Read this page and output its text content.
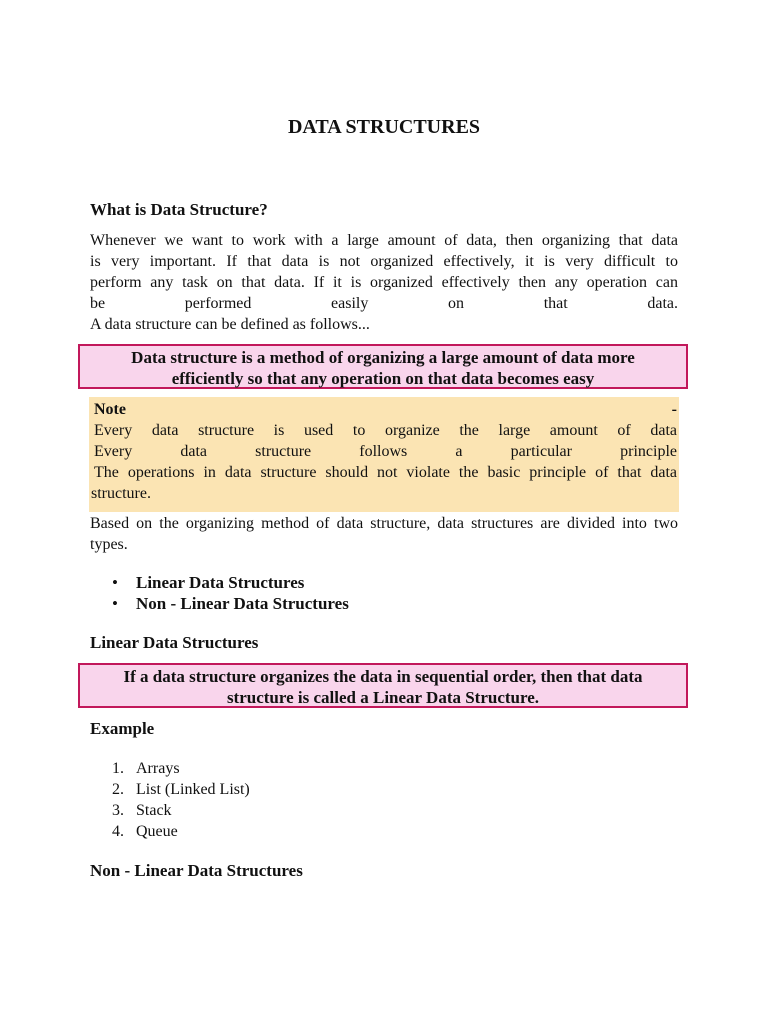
DATA STRUCTURES
What is Data Structure?
Whenever we want to work with a large amount of data, then organizing that data
is very important. If that data is not organized effectively, it is very difficult to
perform any task on that data. If it is organized effectively then any operation can
be performed easily on that data.
A data structure can be defined as follows...
Data structure is a method of organizing a large amount of data more
efficiently so that any operation on that data becomes easy
Note	-
Every data structure is used to organize the large amount of data
Every data structure follows a particular principle
The operations in data structure should not violate the basic principle of that data
structure.
Based on the organizing method of data structure, data structures are divided into two types.
• Linear Data Structures
• Non - Linear Data Structures
Linear Data Structures
If a data structure organizes the data in sequential order, then that data
structure is called a Linear Data Structure.
Example
1. Arrays
2. List (Linked List)
3. Stack
4. Queue
Non - Linear Data Structures
